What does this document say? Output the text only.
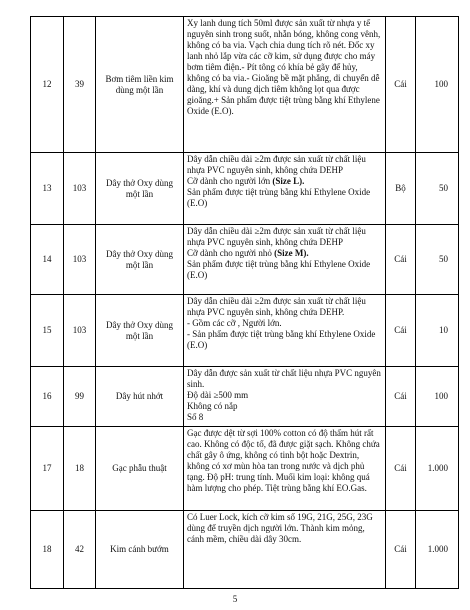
12	39	Bơm tiêm liền kim dùng một lần	Xy lanh dung tích 50ml được sản xuất từ nhựa y tế nguyên sinh trong suốt, nhẵn bóng, không cong vênh, không có ba via. Vạch chia dung tích rõ nét. Đốc xy lanh nhỏ lắp vừa các cỡ kim, sử dụng được cho máy bơm tiêm điện.- Pít tông có khía bẻ gãy để hủy, không có ba via.- Gioăng bề mặt phẳng, di chuyển dễ dàng, khí và dung dịch tiêm không lọt qua được gioăng.+ Sản phẩm được tiệt trùng bằng khí Ethylene Oxide (E.O).	Cái	100
13	103	Dây thở Oxy dùng một lần	Dây dẫn chiều dài ≥2m được sản xuất từ chất liệu nhựa PVC nguyên sinh, không chứa DEHP
Cỡ dành cho người lớn (Size L).
Sản phẩm được tiệt trùng bằng khí Ethylene Oxide (E.O)	Bộ	50
14	103	Dây thở Oxy dùng một lần	Dây dẫn chiều dài ≥2m được sản xuất từ chất liệu nhựa PVC nguyên sinh, không chứa DEHP
Cỡ dành cho người nhỏ (Size M).
Sản phẩm được tiệt trùng bằng khí Ethylene Oxide (E.O)	Cái	50
15	103	Dây thở Oxy dùng một lần	Dây dẫn chiều dài ≥2m được sản xuất từ chất liệu nhựa PVC nguyên sinh, không chứa DEHP.
- Gồm các cỡ , Người lớn.
- Sản phẩm được tiệt trùng bằng khí Ethylene Oxide (E.O)	Cái	10
16	99	Dây hút nhớt	Dây dẫn được sản xuất từ chất liệu nhựa PVC nguyên sinh.
Độ dài ≥500 mm
Không có nắp
Số 8	Cái	100
17	18	Gạc phẫu thuật	Gạc được dệt từ sợi 100% cotton có độ thấm hút rất cao. Không có độc tố, đã được giặt sạch. Không chứa chất gây ô ứng, không có tinh bột hoặc Dextrin, không có xơ mùn hòa tan trong nước và dịch phủ tạng. Độ pH: trung tính. Muối kim loại: không quá hàm lượng cho phép. Tiệt trùng bằng khí EO.Gas.	Cái	1.000
18	42	Kim cánh bướm	Có Luer Lock, kích cỡ kim số 19G, 21G, 25G, 23G dùng để truyền dịch người lớn. Thành kim mỏng, cánh mềm, chiều dài dây 30cm.	Cái	1.000
5
